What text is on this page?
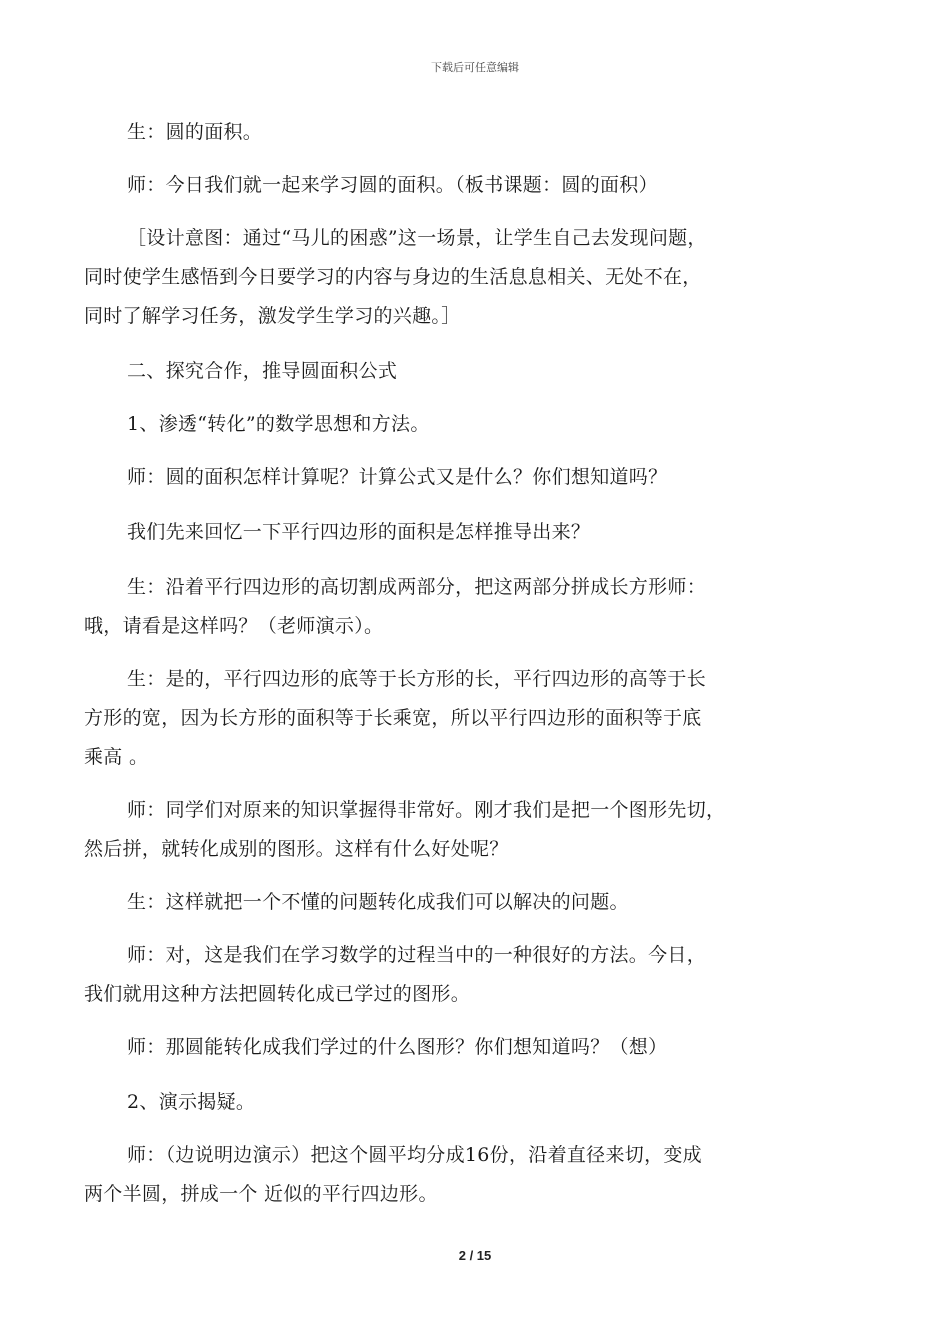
下载后可任意编辑
生：圆的面积。
师：今日我们就一起来学习圆的面积。（板书课题：圆的面积）
［设计意图：通过“马儿的困惑”这一场景，让学生自己去发现问题，
同时使学生感悟到今日要学习的内容与身边的生活息息相关、无处不在，
同时了解学习任务，激发学生学习的兴趣。］
二、探究合作，推导圆面积公式
1、渗透“转化”的数学思想和方法。
师：圆的面积怎样计算呢？计算公式又是什么？你们想知道吗？
我们先来回忆一下平行四边形的面积是怎样推导出来？
生：沿着平行四边形的高切割成两部分，把这两部分拼成长方形师：
哦，请看是这样吗？（老师演示）。
生：是的，平行四边形的底等于长方形的长，平行四边形的高等于长
方形的宽，因为长方形的面积等于长乘宽，所以平行四边形的面积等于底
乘高 。
师：同学们对原来的知识掌握得非常好。刚才我们是把一个图形先切，
然后拼，就转化成别的图形。这样有什么好处呢？
生：这样就把一个不懂的问题转化成我们可以解决的问题。
师：对，这是我们在学习数学的过程当中的一种很好的方法。今日，
我们就用这种方法把圆转化成已学过的图形。
师：那圆能转化成我们学过的什么图形？你们想知道吗？（想）
2、演示揭疑。
师：（边说明边演示）把这个圆平均分成16份，沿着直径来切，变成
两个半圆，拼成一个 近似的平行四边形。
2 / 15
